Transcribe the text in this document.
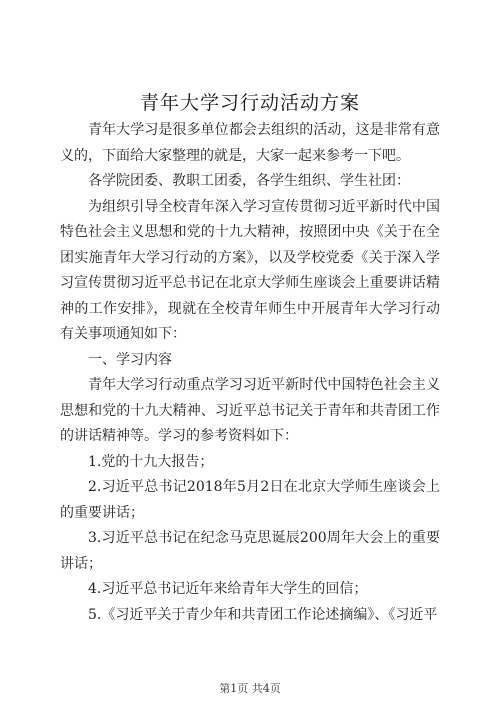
青年大学习行动活动方案

青年大学习是很多单位都会去组织的活动，这是非常有意义的，下面给大家整理的就是，大家一起来参考一下吧。

各学院团委、教职工团委，各学生组织、学生社团：

为组织引导全校青年深入学习宣传贯彻习近平新时代中国特色社会主义思想和党的十九大精神，按照团中央《关于在全团实施青年大学习行动的方案》，以及学校党委《关于深入学习宣传贯彻习近平总书记在北京大学师生座谈会上重要讲话精神的工作安排》，现就在全校青年师生中开展青年大学习行动有关事项通知如下：

一、学习内容

青年大学习行动重点学习习近平新时代中国特色社会主义思想和党的十九大精神、习近平总书记关于青年和共青团工作的讲话精神等。学习的参考资料如下：

1.党的十九大报告；

2.习近平总书记2018年5月2日在北京大学师生座谈会上的重要讲话；

3.习近平总书记在纪念马克思诞辰200周年大会上的重要讲话；

4.习近平总书记近年来给青年大学生的回信；

5.《习近平关于青少年和共青团工作论述摘编》、《习近平

第1页 共4页
